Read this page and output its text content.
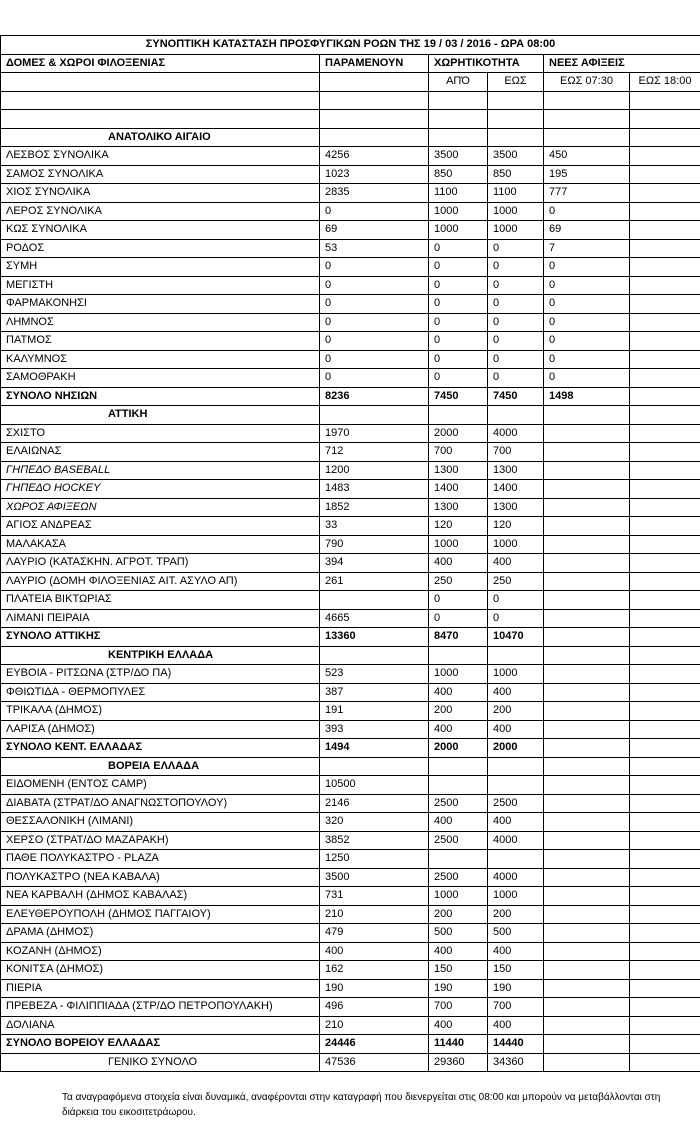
ΣΥΝΟΠΤΙΚΗ ΚΑΤΑΣΤΑΣΗ ΠΡΟΣΦΥΓΙΚΩΝ ΡΟΩΝ ΤΗΣ 19 / 03 / 2016 - ΩΡΑ 08:00					
ΔΟΜΕΣ & ΧΩΡΟΙ ΦΙΛΟΞΕΝΙΑΣ	ΠΑΡΑΜΕΝΟΥΝ	ΧΩΡΗΤΙΚΟΤΗΤΑ		ΝΕΕΣ ΑΦΙΞΕΙΣ	
		ΑΠΌ	ΕΩΣ	ΕΩΣ 07:30	ΕΩΣ 18:00

ΑΝΑΤΟΛΙΚΟ ΑΙΓΑΙΟ					
ΛΕΣΒΟΣ ΣΥΝΟΛΙΚΑ	4256	3500	3500	450	
ΣΑΜΟΣ ΣΥΝΟΛΙΚΑ	1023	850	850	195	
ΧΙΟΣ ΣΥΝΟΛΙΚΑ	2835	1100	1100	777	
ΛΕΡΟΣ ΣΥΝΟΛΙΚΑ	0	1000	1000	0	
ΚΩΣ ΣΥΝΟΛΙΚΑ	69	1000	1000	69	
ΡΟΔΟΣ	53	0	0	7	
ΣΥΜΗ	0	0	0	0	
ΜΕΓΙΣΤΗ	0	0	0	0	
ΦΑΡΜΑΚΟΝΗΣΙ	0	0	0	0	
ΛΗΜΝΟΣ	0	0	0	0	
ΠΑΤΜΟΣ	0	0	0	0	
ΚΑΛΥΜΝΟΣ	0	0	0	0	
ΣΑΜΟΘΡΑΚΗ	0	0	0	0	
ΣΥΝΟΛΟ ΝΗΣΙΩΝ	8236	7450	7450	1498	
ΑΤΤΙΚΗ					
ΣΧΙΣΤΟ	1970	2000	4000		
ΕΛΑΙΩΝΑΣ	712	700	700		
ΓΗΠΕΔΟ BASEBALL	1200	1300	1300		
ΓΗΠΕΔΟ HOCKEY	1483	1400	1400		
ΧΩΡΟΣ ΑΦΙΞΕΩΝ	1852	1300	1300		
ΑΓΙΟΣ ΑΝΔΡΕΑΣ	33	120	120		
ΜΑΛΑΚΑΣΑ	790	1000	1000		
ΛΑΥΡΙΟ (ΚΑΤΑΣΚΗΝ. ΑΓΡΟΤ. ΤΡΑΠ)	394	400	400		
ΛΑΥΡΙΟ (ΔΟΜΗ ΦΙΛΟΞΕΝΙΑΣ ΑΙΤ. ΑΣΥΛΟ ΑΠ)	261	250	250		
ΠΛΑΤΕΙΑ ΒΙΚΤΩΡΙΑΣ		0	0		
ΛΙΜΑΝΙ ΠΕΙΡΑΙΑ	4665	0	0		
ΣΥΝΟΛΟ ΑΤΤΙΚΗΣ	13360	8470	10470		
ΚΕΝΤΡΙΚΗ ΕΛΛΑΔΑ					
ΕΥΒΟΙΑ - ΡΙΤΣΩΝΑ (ΣΤΡ/ΔΟ ΠΑ)	523	1000	1000		
ΦΘΙΩΤΙΔΑ - ΘΕΡΜΟΠΥΛΕΣ	387	400	400		
ΤΡΙΚΑΛΑ (ΔΗΜΟΣ)	191	200	200		
ΛΑΡΙΣΑ (ΔΗΜΟΣ)	393	400	400		
ΣΥΝΟΛΟ ΚΕΝΤ. ΕΛΛΑΔΑΣ	1494	2000	2000		
ΒΟΡΕΙΑ ΕΛΛΑΔΑ					
ΕΙΔΟΜΕΝΗ (ΕΝΤΟΣ CAMP)	10500				
ΔΙΑΒΑΤΑ (ΣΤΡΑΤ/ΔΟ ΑΝΑΓΝΩΣΤΟΠΟΥΛΟΥ)	2146	2500	2500		
ΘΕΣΣΑΛΟΝΙΚΗ (ΛΙΜΑΝΙ)	320	400	400		
ΧΕΡΣΟ (ΣΤΡΑΤ/ΔΟ ΜΑΖΑΡΑΚΗ)	3852	2500	4000		
ΠΑΘΕ ΠΟΛΥΚΑΣΤΡΟ - PLAZA	1250				
ΠΟΛΥΚΑΣΤΡΟ (ΝΕΑ ΚΑΒΑΛΑ)	3500	2500	4000		
ΝΕΑ ΚΑΡΒΑΛΗ (ΔΗΜΟΣ ΚΑΒΑΛΑΣ)	731	1000	1000		
ΕΛΕΥΘΕΡΟΥΠΟΛΗ (ΔΗΜΟΣ ΠΑΓΓΑΙΟΥ)	210	200	200		
ΔΡΑΜΑ (ΔΗΜΟΣ)	479	500	500		
ΚΟΖΑΝΗ (ΔΗΜΟΣ)	400	400	400		
ΚΟΝΙΤΣΑ (ΔΗΜΟΣ)	162	150	150		
ΠΙΕΡΙΑ	190	190	190		
ΠΡΕΒΕΖΑ - ΦΙΛΙΠΠΙΑΔΑ (ΣΤΡ/ΔΟ ΠΕΤΡΟΠΟΥΛΑΚΗ)	496	700	700		
ΔΟΛΙΑΝΑ	210	400	400		
ΣΥΝΟΛΟ ΒΟΡΕΙΟΥ ΕΛΛΑΔΑΣ	24446	11440	14440		
ΓΕΝΙΚΟ ΣΥΝΟΛΟ	47536	29360	34360		
Τα αναγραφόμενα στοιχεία είναι δυναμικά, αναφέρονται στην καταγραφή που διενεργείται στις 08:00 και μπορούν να μεταβάλλονται στη διάρκεια του εικοσιτετράωρου.
